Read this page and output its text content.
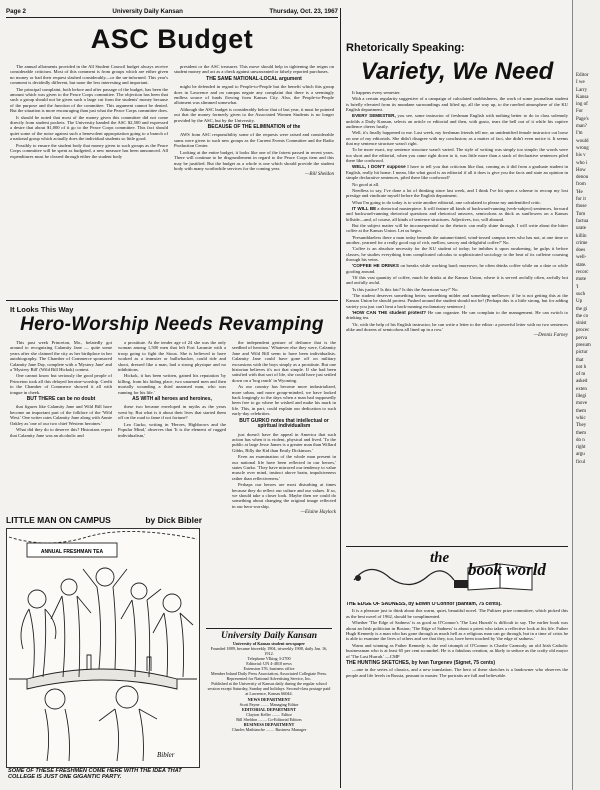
Page 2	University Daily Kansan	Thursday, Oct. 23, 1967
ASC Budget

The annual allotments provided in the All Student Council budget always receive considerable criticism. Most of this comment is from groups which are either given no money or had their request slashed considerably—or the un-informed. This year's comment is decidedly different, but none the less interesting and important.

The principal complaint, both before and after passage of the budget, has been the amount which was given to the Peace Corps committee. The objection has been that such a group should not be given such a large cut from the students' money because of the purpose and the function of the committee. This argument cannot be denied. But the situation is more encouraging than just what the Peace Corps committee does.

It should be noted that most of the money given this committee did not come directly from student pockets. The University handed the ASC $2,500 and expressed a desire that about $1,000 of it go to the Peace Corps committee. This fact should quiet some of the noise against such a benevolent appropriation going to a branch of a national group which actually does the individual students so little good.

Possibly to ensure the student body that money given to such groups as the Peace Corps committee will be spent as budgeted, a new measure has been announced. All expenditures must be cleared through either the student body

president or the ASC treasurer. This move should help in tightening the reigns on student money and act as a check against unwarranted or falsely reported purchases.

THE SAME NATIONAL-LOCAL argument

might be defended in regard to People-to-People but the benefit which this group does in Lawrence and on campus negate any complaint that there is a seemingly endless source of funds flowing from Kansas City. Also, the People-to-People allotment was slimmed somewhat.

Although the ASC budget is considerably below that of last year, it must be pointed out that the money formerly given to the Associated Women Students is no longer provided by the ASC, but by the University.

BECAUSE OF THE ELIMINATION of the

AWS from ASC responsibility some of the requests were raised and considerable sums were given to such new groups as the Current Events Committee and the Radio Production Center.

Looking at the entire budget, it looks like one of the fairest passed in recent years. There will continue to be disgruntlement in regard to the Peace Corps item and this may be justified. But the budget as a whole is one which should provide the student body with many worthwhile services for the coming year.

—Bill Sheldon
It Looks This Way
Hero-Worship Needs Revamping

This past week Princeton, Mo., belatedly got around to recognizing Calamity Jane — quite some years after she claimed the city as her birthplace in her autobiography. The Chamber of Commerce sponsored Calamity Jane Day, complete with a 'Mystery Jane' and a 'Mystery Bill' (Wild Bill Hickok) contest.

One cannot know but seriously the good people of Princeton took all this delayed heroine-worship. Credit to the Chamber of Commerce showed it all with tongue in cheek.

BUT THERE can be no doubt

that figures like Calamity Jane and Wild Bill have become an important part of the folklore of the 'Wild West.' One writer rates Calamity Jane along with Annie Oakley as 'one of our two chief Western heroines.'

What did they do to deserve this? Historians report that Calamity Jane was an alcoholic and

a prostitute. At the tender age of 24 she was the only woman among 1,500 men that left Fort Laramie with a troop going to fight the Sioux. She is believed to have worked as a teamster or bullwhacker, could ride and shoot, dressed like a man, had a strong physique and no inhibitions.

Hickok, it has been written, gained his reputation 'by killing, from his hiding place, two unarmed men and then mortally wounding a third unarmed man, who was running for his life.'

AS WITH all heroes and heroines,

these two became enveloped in myths as the years went by. But what is it about their lives that started them off on the road to fame if not fortune?

Leo Gurko, writing in 'Heroes, Highbrows and the Popular Mind,' observes that 'It is the element of rugged individualism,'

the independent gesture of defiance that is the seedbed of heroism.' Whatever else they were, Calamity Jane and Wild Bill seem to have been individualists. Calamity Jane could have gone off on military excursions with the boys simply as a prostitute. But one historian believes it's not that simple. If she had been satisfied with that sort of life, she could have just settled down on a 'hog ranch' in Wyoming.

As our country has become more industrialized, more urban, and more group-minded, we have looked back longingly to the days when a man had supposedly been free to go where he wished and make his mark in life. This, in part, could explain our dedication to such early-day celebrities.

BUT GURKO notes that intellectual or spiritual individualism

just doesn't have the appeal in America that such action has when it is violent, physical and lived. 'To the public at large Jesse James is a greater man than Willard Gibbs, Billy the Kid than Emily Dickinson.'

Even an examination of the whole man present in our national life have been reflected in our heroes,' states Gurko. 'They have mirrored our tendency to value muscle over mind, instinct above brain, impulsiveness rather than reflectiveness.'

Perhaps our heroes are most disturbing at times because they do reflect our culture and our values. If so, we should take a closer look. Maybe then we could do something about changing the original image reflected in our hero-worship.

—Elaine Haylock
LITTLE MAN ON CAMPUS	by Dick Bibler
ANNUAL FRESHMAN TEA
Bibler
SOME OF THESE FRESHMEN COME HERE WITH THE IDEA THAT COLLEGE IS JUST ONE GIGANTIC PARTY.
University Daily Kansan
University of Kansas student newspaper
Founded 1889, became biweekly 1904, triweekly 1908, daily Jan. 16, 1912.
Telephone VIking 3-2700
Editorial: UN 4-4810 news
Extension 376, business office
Member Inland Daily Press Association, Associated Collegiate Press. Represented for National Advertising Service, Inc.
Published at the University of Kansas daily during the regular school session except Saturday, Sunday and holidays. Second-class postage paid at Lawrence, Kansas 66044.
NEWS DEPARTMENT
Scott Payne ........ Managing Editor
EDITORIAL DEPARTMENT
Clayton Keller ........ Editor
Bill Sheldon ........ Co-Editorial Editors
BUSINESS DEPARTMENT
Charles Mathiasche ........ Business Manager
Rhetorically Speaking:
Variety, We Need

It happens every semester.

With a certain regularity suggestive of a campaign of calculated snobbishness, the work of some journalism student is briefly elevated from its mundane surroundings and lifted up, all the way up, to the rarefied atmosphere of the KU English department.

EVERY SEMESTER, you see, some instructor of freshman English with nothing better to do in class solemnly unfolds a Daily Kansan, selects an article or editorial and then, with gusto, tears the hell out of it while his captive audience cheers lustily.

Well, it's finally happened to me. Last week, my freshman friends tell me, an unidentified female instructor cut loose on one of my editorials. She didn't disagree with my conclusion; as a matter of fact, she didn't even notice it. It seems that my sentence structure wasn't right.

To be more exact, my sentence structure wasn't varied. The style of writing was simply too simple; the words were too short and the editorial, when you came right down to it, was little more than a stack of declarative sentences piled there like cordwood.

WELL, I DON'T suppose I have to tell you that criticism like that, coming as it did from a graduate student in English, really hit home. I mean, like what good is an editorial if all it does is give you the facts and state an opinion in simple declarative sentences, piled there like cordwood?

No good at all.

Needless to say, I've done a lot of thinking since last week, and I think I've hit upon a scheme to recoup my lost prestige and vindicate myself before the English department.

What I'm going to do today is to write another editorial, one calculated to please my unidentified critic.

IT WILL BE a rhetorical masterpiece. It will feature all kinds of backward-running (verb-subject) sentences, forward and backward-running rhetorical questions and rhetorical answers, semicolons as thick as sunflowers on a Kansas hillside—and, of course, all kinds of sentence structures. Adjectives, too, will abound.

But the subject matter will be inconsequential so the rhetoric can really shine through. I will write about the bitter coffee at the Kansas Union. Let us begin.

'Presumblaeless there a man today beneath the autumn-tinted, wind-tossed campus trees who has not, at one time or another, yearned for a really good cup of rich, mellow, savory and delightful coffee?' No.

'Coffee is an absolute necessity for the KU student of today; he imbibes it upon awakening, he gulps it before classes, he studies everything from complicated calculus to sophisticated sociology to the beat of its caffeine coursing through his veins.

'COFFEE HE DRINKS on breaks while working hard; moreover, he often drinks coffee while on a date or while goofing around.

'Of this vast quantity of coffee, much he drinks at the Kansas Union, where it is served awfully often, awfully hot and awfully awful.

'Is this justice? Is this fair? Is this the American way?' No.

'The student deserves something better, something milder and something mellower; if he is not getting this at the Kansas Union he should protest. Pushed around the student should not be! (Perhaps this is a little strong, but for adding variety you just can't beat a back-running exclamatory sentence.)

'HOW CAN THE student protest? He can organize. He can complain to the management. He can switch to drinking tea.

'Or, with the help of his English instructor, he can write a letter to the editor: a powerful letter with no two sentences alike and dozens of semicolons all lined up in a row.'

—Dennis Farney
the
book world
THE EDGE OF SADNESS, by Edwin O'Connor (Bantam, 75 cents).

It is a pleasure just to think about this warm, quiet, beautiful novel. The Pulitzer prize committee, which picked this as the best novel of 1962, should be complimented.

Whether 'The Edge of Sadness' is as good as O'Connor's 'The Last Hurrah' is difficult to say. The earlier book was about an Irish politician in Boston; 'The Edge of Sadness' is about a priest who takes a reflective look at his life. Father Hugh Kennedy is a man who has gone through as much hell as a religious man can go through, but in a time of crisis he is able to examine the lives of others and see that they, too, have been touched by 'the edge of sadness.'

Warm and winning as Father Kennedy is, the real triumph of O'Connor is Charlie Carmody, an old Irish Catholic businessman who is at least 65 per cent scoundrel. He is a fabulous creation, as likely to seduce as the crafty old mayor of 'The Last Hurrah.' —CMP

THE HUNTING SKETCHES, by Ivan Turgenev (Signet, 75 cents)

—one in the series of classics, and a new translation. The hero of these sketches is a landowner who observes the people and life levels in Russia, peasant to master. The portraits are full and believable.

Editor
I we
Larry
Kansa
ing of
For
Page's
man?
I'm
would
wrong
his v
who i
How
denou
from
'He
for it
those
Tom
factua
urate
killin
crime
does
well-
state.
recorc
mote
'I
such
Up
the gi
the co
sinist
procec
perva
presum
pictur
that
not h
of m
asked
exten
illegi
move
them
whic
They
them
do n
right
argu
ficul
